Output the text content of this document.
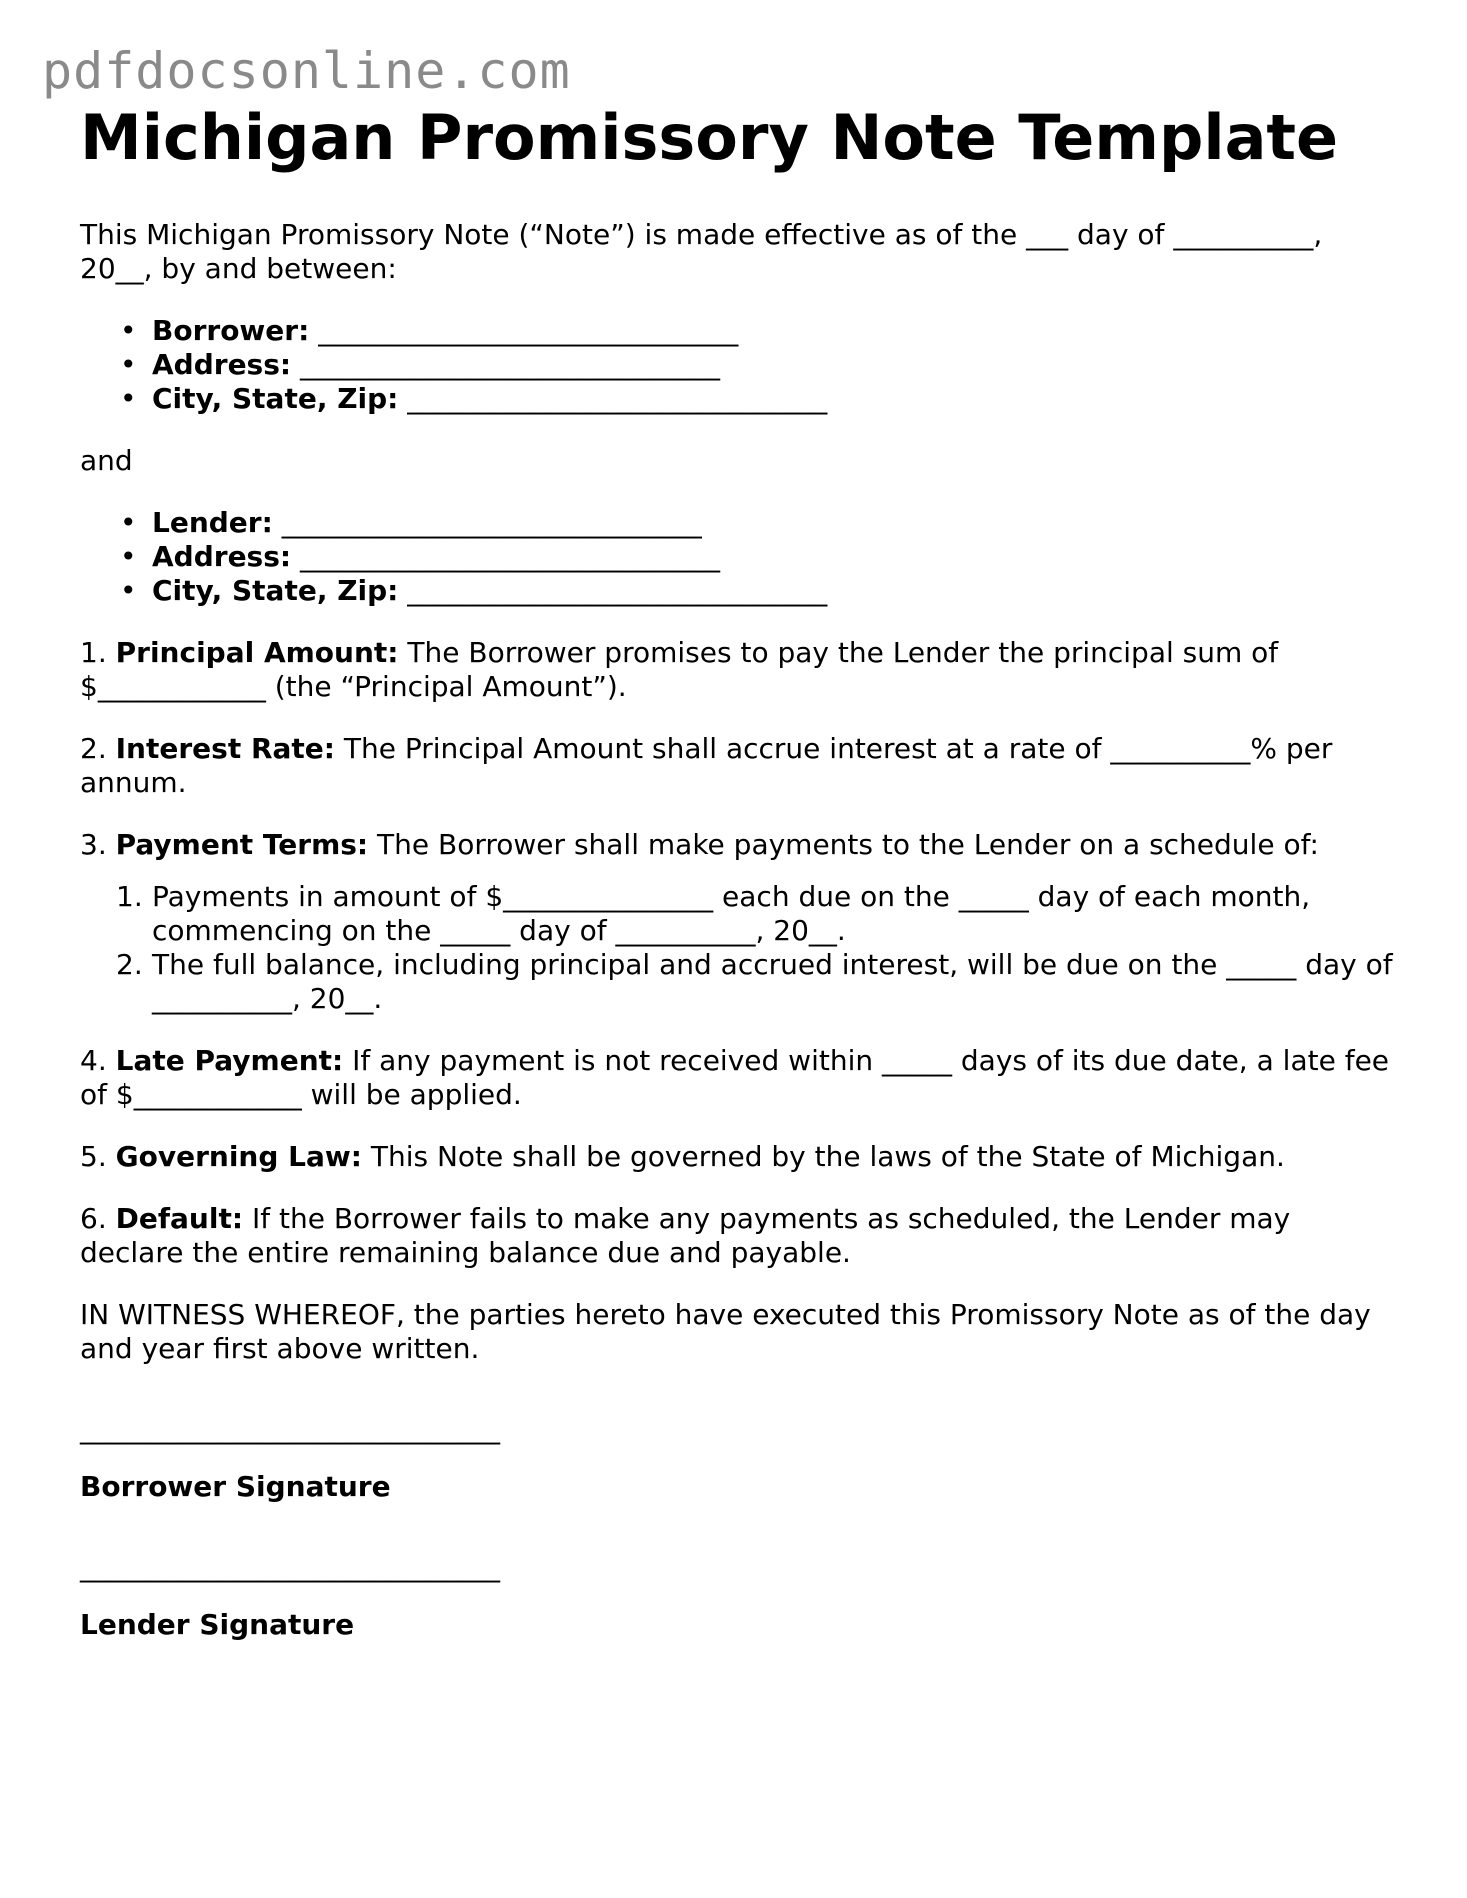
pdfdocsonline.com
Michigan Promissory Note Template

This Michigan Promissory Note (“Note”) is made effective as of the ___ day of __________, 20__, by and between:

• Borrower: ______________________________
• Address: ______________________________
• City, State, Zip: ______________________________

and

• Lender: ______________________________
• Address: ______________________________
• City, State, Zip: ______________________________

1. Principal Amount: The Borrower promises to pay the Lender the principal sum of $____________ (the “Principal Amount”).

2. Interest Rate: The Principal Amount shall accrue interest at a rate of __________% per annum.

3. Payment Terms: The Borrower shall make payments to the Lender on a schedule of:

1. Payments in amount of $_______________ each due on the _____ day of each month, commencing on the _____ day of __________, 20__.
2. The full balance, including principal and accrued interest, will be due on the _____ day of __________, 20__.

4. Late Payment: If any payment is not received within _____ days of its due date, a late fee of $____________ will be applied.

5. Governing Law: This Note shall be governed by the laws of the State of Michigan.

6. Default: If the Borrower fails to make any payments as scheduled, the Lender may declare the entire remaining balance due and payable.

IN WITNESS WHEREOF, the parties hereto have executed this Promissory Note as of the day and year first above written.

______________________________
Borrower Signature
______________________________
Lender Signature
